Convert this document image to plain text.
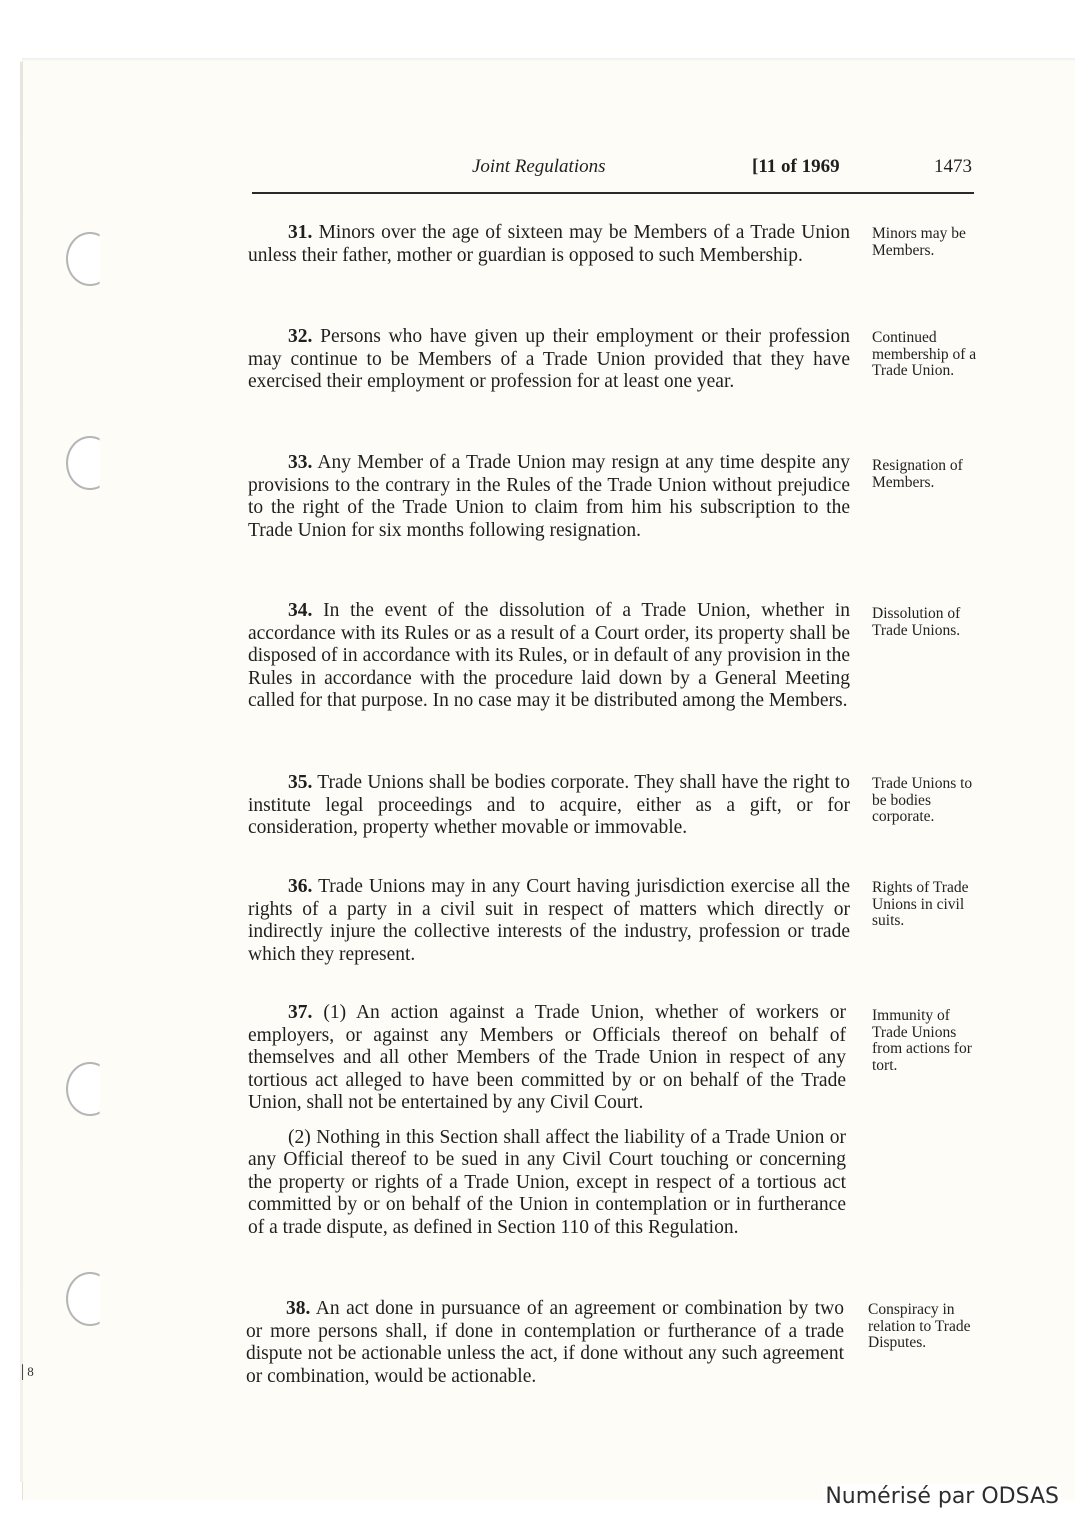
│8
Joint Regulations	[11 of 1969	1473

31. Minors over the age of sixteen may be Members of a Trade Union unless their father, mother or guardian is opposed to such Membership.

Minors may be Members.

32. Persons who have given up their employment or their profession may continue to be Members of a Trade Union provided that they have exercised their employment or profession for at least one year.

Continued membership of a Trade Union.

33. Any Member of a Trade Union may resign at any time despite any provisions to the contrary in the Rules of the Trade Union without prejudice to the right of the Trade Union to claim from him his subscription to the Trade Union for six months following resignation.

Resignation of Members.

34. In the event of the dissolution of a Trade Union, whether in accordance with its Rules or as a result of a Court order, its property shall be disposed of in accordance with its Rules, or in default of any provision in the Rules in accordance with the procedure laid down by a General Meeting called for that purpose. In no case may it be distributed among the Members.

Dissolution of Trade Unions.

35. Trade Unions shall be bodies corporate. They shall have the right to institute legal proceedings and to acquire, either as a gift, or for consideration, property whether movable or immovable.

Trade Unions to be bodies corporate.

36. Trade Unions may in any Court having jurisdiction exercise all the rights of a party in a civil suit in respect of matters which directly or indirectly injure the collective interests of the industry, profession or trade which they represent.

Rights of Trade Unions in civil suits.

37. (1) An action against a Trade Union, whether of workers or employers, or against any Members or Officials thereof on behalf of themselves and all other Members of the Trade Union in respect of any tortious act alleged to have been committed by or on behalf of the Trade Union, shall not be entertained by any Civil Court.

(2) Nothing in this Section shall affect the liability of a Trade Union or any Official thereof to be sued in any Civil Court touching or concerning the property or rights of a Trade Union, except in respect of a tortious act committed by or on behalf of the Union in contemplation or in furtherance of a trade dispute, as defined in Section 110 of this Regulation.

Immunity of Trade Unions from actions for tort.

38. An act done in pursuance of an agreement or combination by two or more persons shall, if done in contemplation or furtherance of a trade dispute not be actionable unless the act, if done without any such agreement or combination, would be actionable.

Conspiracy in relation to Trade Disputes.
Numérisé par ODSAS
